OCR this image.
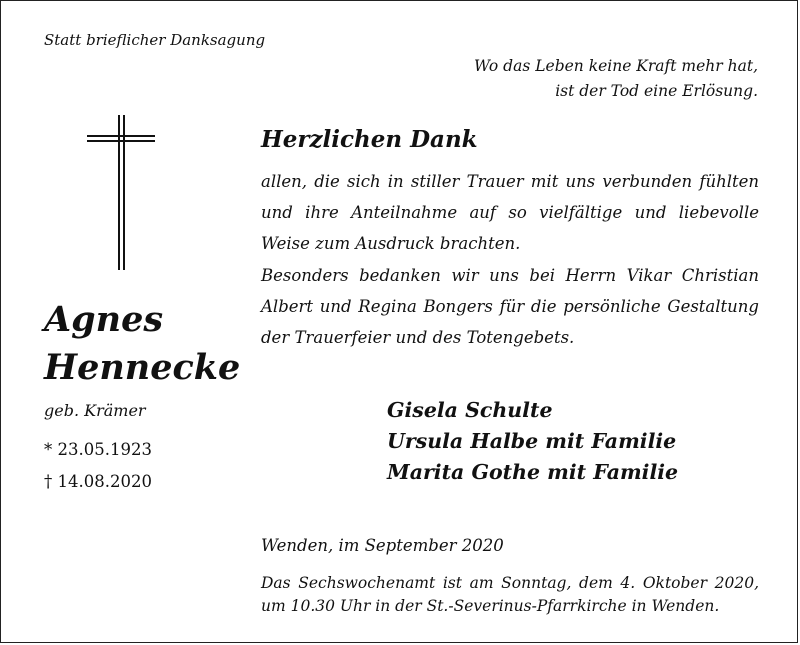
Statt brieflicher Danksagung

Wo das Leben keine Kraft mehr hat,
ist der Tod eine Erlösung.
Agnes
Hennecke
geb. Krämer
* 23.05.1923
† 14.08.2020
Herzlichen Dank

allen, die sich in stiller Trauer mit uns verbunden fühlten und ihre Anteilnahme auf so vielfältige und liebevolle Weise zum Ausdruck brachten.

Besonders bedanken wir uns bei Herrn Vikar Christian Albert und Regina Bongers für die persönliche Gestaltung der Trauerfeier und des Totengebets.

Gisela Schulte
Ursula Halbe mit Familie
Marita Gothe mit Familie
Wenden, im September 2020

Das Sechswochenamt ist am Sonntag, dem 4. Oktober 2020, um 10.30 Uhr in der St.-Severinus-Pfarrkirche in Wenden.
